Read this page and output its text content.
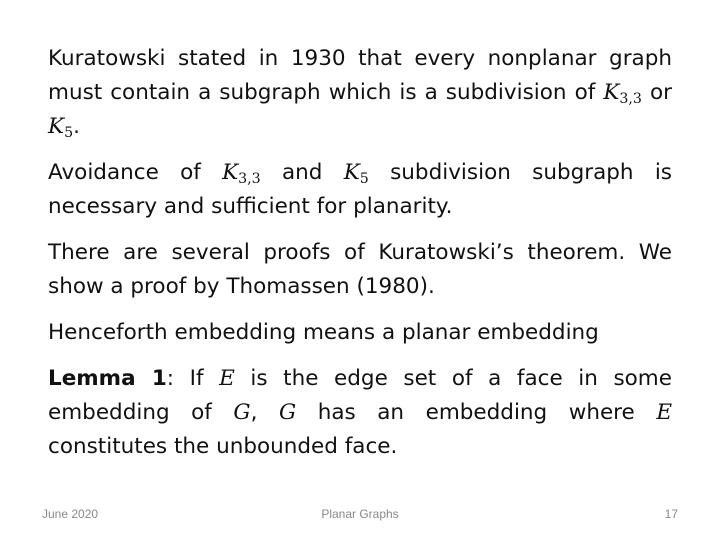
Kuratowski stated in 1930 that every nonplanar graph must contain a subgraph which is a subdivision of $K_{3,3}$ or $K_5$.

Avoidance of $K_{3,3}$ and $K_5$ subdivision subgraph is necessary and sufficient for planarity.

There are several proofs of Kuratowski’s theorem. We show a proof by Thomassen (1980).

Henceforth embedding means a planar embedding

Lemma 1: If E is the edge set of a face in some embedding of G, G has an embedding where E constitutes the unbounded face.

June 2020	Planar Graphs	17
